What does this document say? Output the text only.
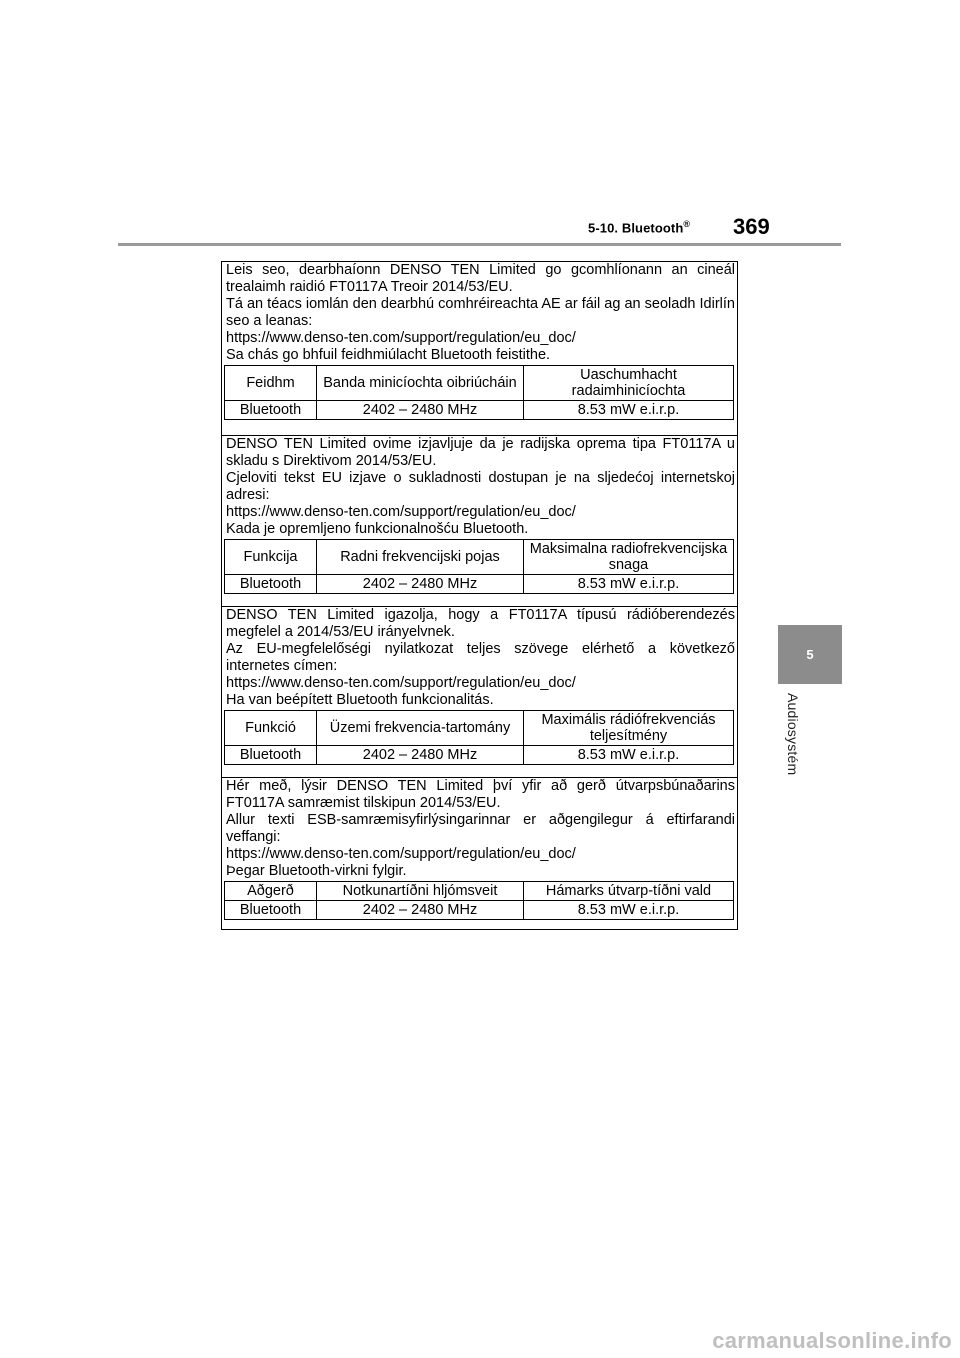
5-10. Bluetooth® 369
5
Audiosystém

Leis seo, dearbhaíonn DENSO TEN Limited go gcomhlíonann an cineál trealaimh raidió FT0117A Treoir 2014/53/EU.

Tá an téacs iomlán den dearbhú comhréireachta AE ar fáil ag an seoladh Idirlín seo a leanas:

https://www.denso-ten.com/support/regulation/eu_doc/

Sa chás go bhfuil feidhmiúlacht Bluetooth feistithe.

Feidhm	Banda minicíochta oibriúcháin	Uaschumhacht radaimhinicíochta
Bluetooth	2402 – 2480 MHz	8.53 mW e.i.r.p.

DENSO TEN Limited ovime izjavljuje da je radijska oprema tipa FT0117A u skladu s Direktivom 2014/53/EU.

Cjeloviti tekst EU izjave o sukladnosti dostupan je na sljedećoj internetskoj adresi:

https://www.denso-ten.com/support/regulation/eu_doc/

Kada je opremljeno funkcionalnošću Bluetooth.

Funkcija	Radni frekvencijski pojas	Maksimalna radiofrekvencijska snaga
Bluetooth	2402 – 2480 MHz	8.53 mW e.i.r.p.

DENSO TEN Limited igazolja, hogy a FT0117A típusú rádióberendezés megfelel a 2014/53/EU irányelvnek.

Az EU-megfelelőségi nyilatkozat teljes szövege elérhető a következő internetes címen:

https://www.denso-ten.com/support/regulation/eu_doc/

Ha van beépített Bluetooth funkcionalitás.

Funkció	Üzemi frekvencia-tartomány	Maximális rádiófrekvenciás teljesítmény
Bluetooth	2402 – 2480 MHz	8.53 mW e.i.r.p.

Hér með, lýsir DENSO TEN Limited því yfir að gerð útvarpsbúnaðarins FT0117A samræmist tilskipun 2014/53/EU.

Allur texti ESB-samræmisyfirlýsingarinnar er aðgengilegur á eftirfarandi veffangi:

https://www.denso-ten.com/support/regulation/eu_doc/

Þegar Bluetooth-virkni fylgir.

Aðgerð	Notkunartíðni hljómsveit	Hámarks útvarp-tíðni vald
Bluetooth	2402 – 2480 MHz	8.53 mW e.i.r.p.
carmanualsonline.info
